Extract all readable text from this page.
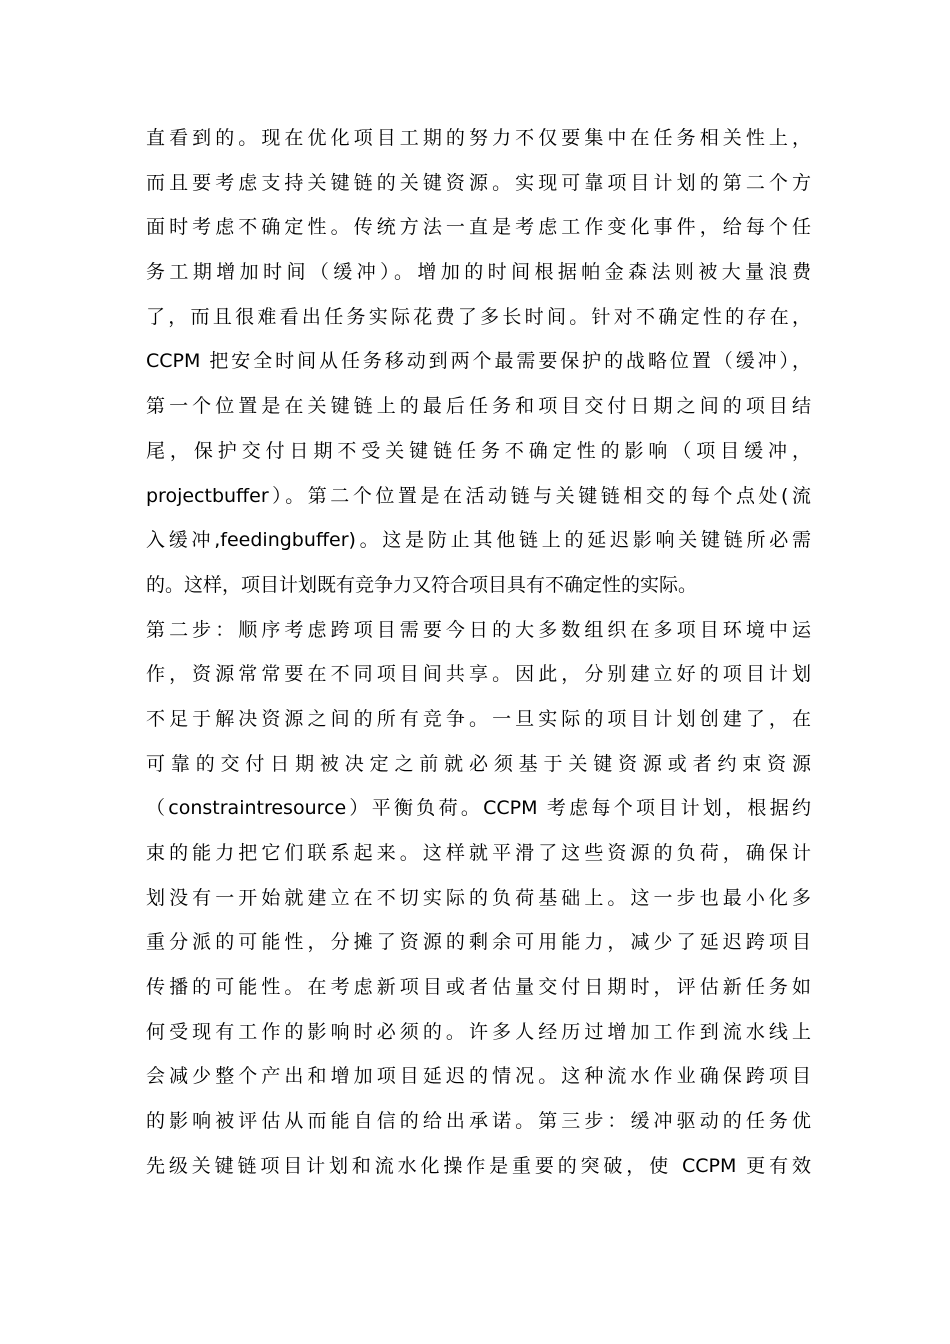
直看到的。现在优化项目工期的努力不仅要集中在任务相关性上，
而且要考虑支持关键链的关键资源。实现可靠项目计划的第二个方
面时考虑不确定性。传统方法一直是考虑工作变化事件，给每个任
务工期增加时间（缓冲）。增加的时间根据帕金森法则被大量浪费
了，而且很难看出任务实际花费了多长时间。针对不确定性的存在，
CCPM 把安全时间从任务移动到两个最需要保护的战略位置（缓冲），
第一个位置是在关键链上的最后任务和项目交付日期之间的项目结
尾，保护交付日期不受关键链任务不确定性的影响（项目缓冲，
projectbuffer）。第二个位置是在活动链与关键链相交的每个点处(流
入缓冲,feedingbuffer)。这是防止其他链上的延迟影响关键链所必需
的。这样，项目计划既有竞争力又符合项目具有不确定性的实际。
第二步：顺序考虑跨项目需要今日的大多数组织在多项目环境中运
作，资源常常要在不同项目间共享。因此，分别建立好的项目计划
不足于解决资源之间的所有竞争。一旦实际的项目计划创建了，在
可靠的交付日期被决定之前就必须基于关键资源或者约束资源
（constraintresource）平衡负荷。CCPM 考虑每个项目计划，根据约
束的能力把它们联系起来。这样就平滑了这些资源的负荷，确保计
划没有一开始就建立在不切实际的负荷基础上。这一步也最小化多
重分派的可能性，分摊了资源的剩余可用能力，减少了延迟跨项目
传播的可能性。在考虑新项目或者估量交付日期时，评估新任务如
何受现有工作的影响时必须的。许多人经历过增加工作到流水线上
会减少整个产出和增加项目延迟的情况。这种流水作业确保跨项目
的影响被评估从而能自信的给出承诺。第三步：缓冲驱动的任务优
先级关键链项目计划和流水化操作是重要的突破，使 CCPM 更有效
